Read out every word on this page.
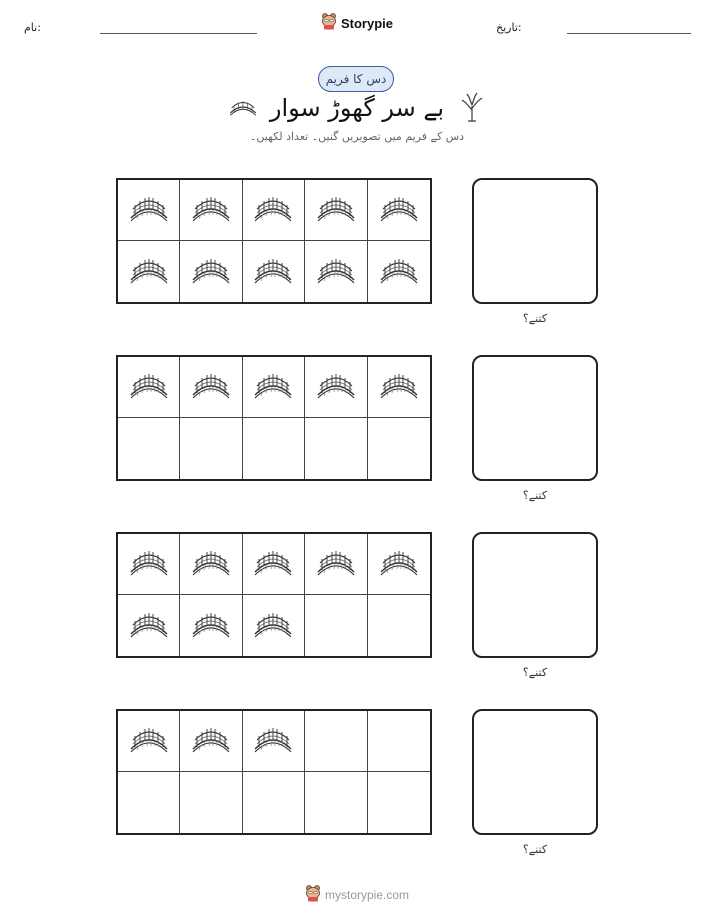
تاریخ:
نام:	Storypie
دس کا فریم
بے سر گھوڑ سوار
دس کے فریم میں تصویریں گنیں۔ تعداد لکھیں۔
کتنے؟
کتنے؟
کتنے؟
کتنے؟
mystorypie.com
